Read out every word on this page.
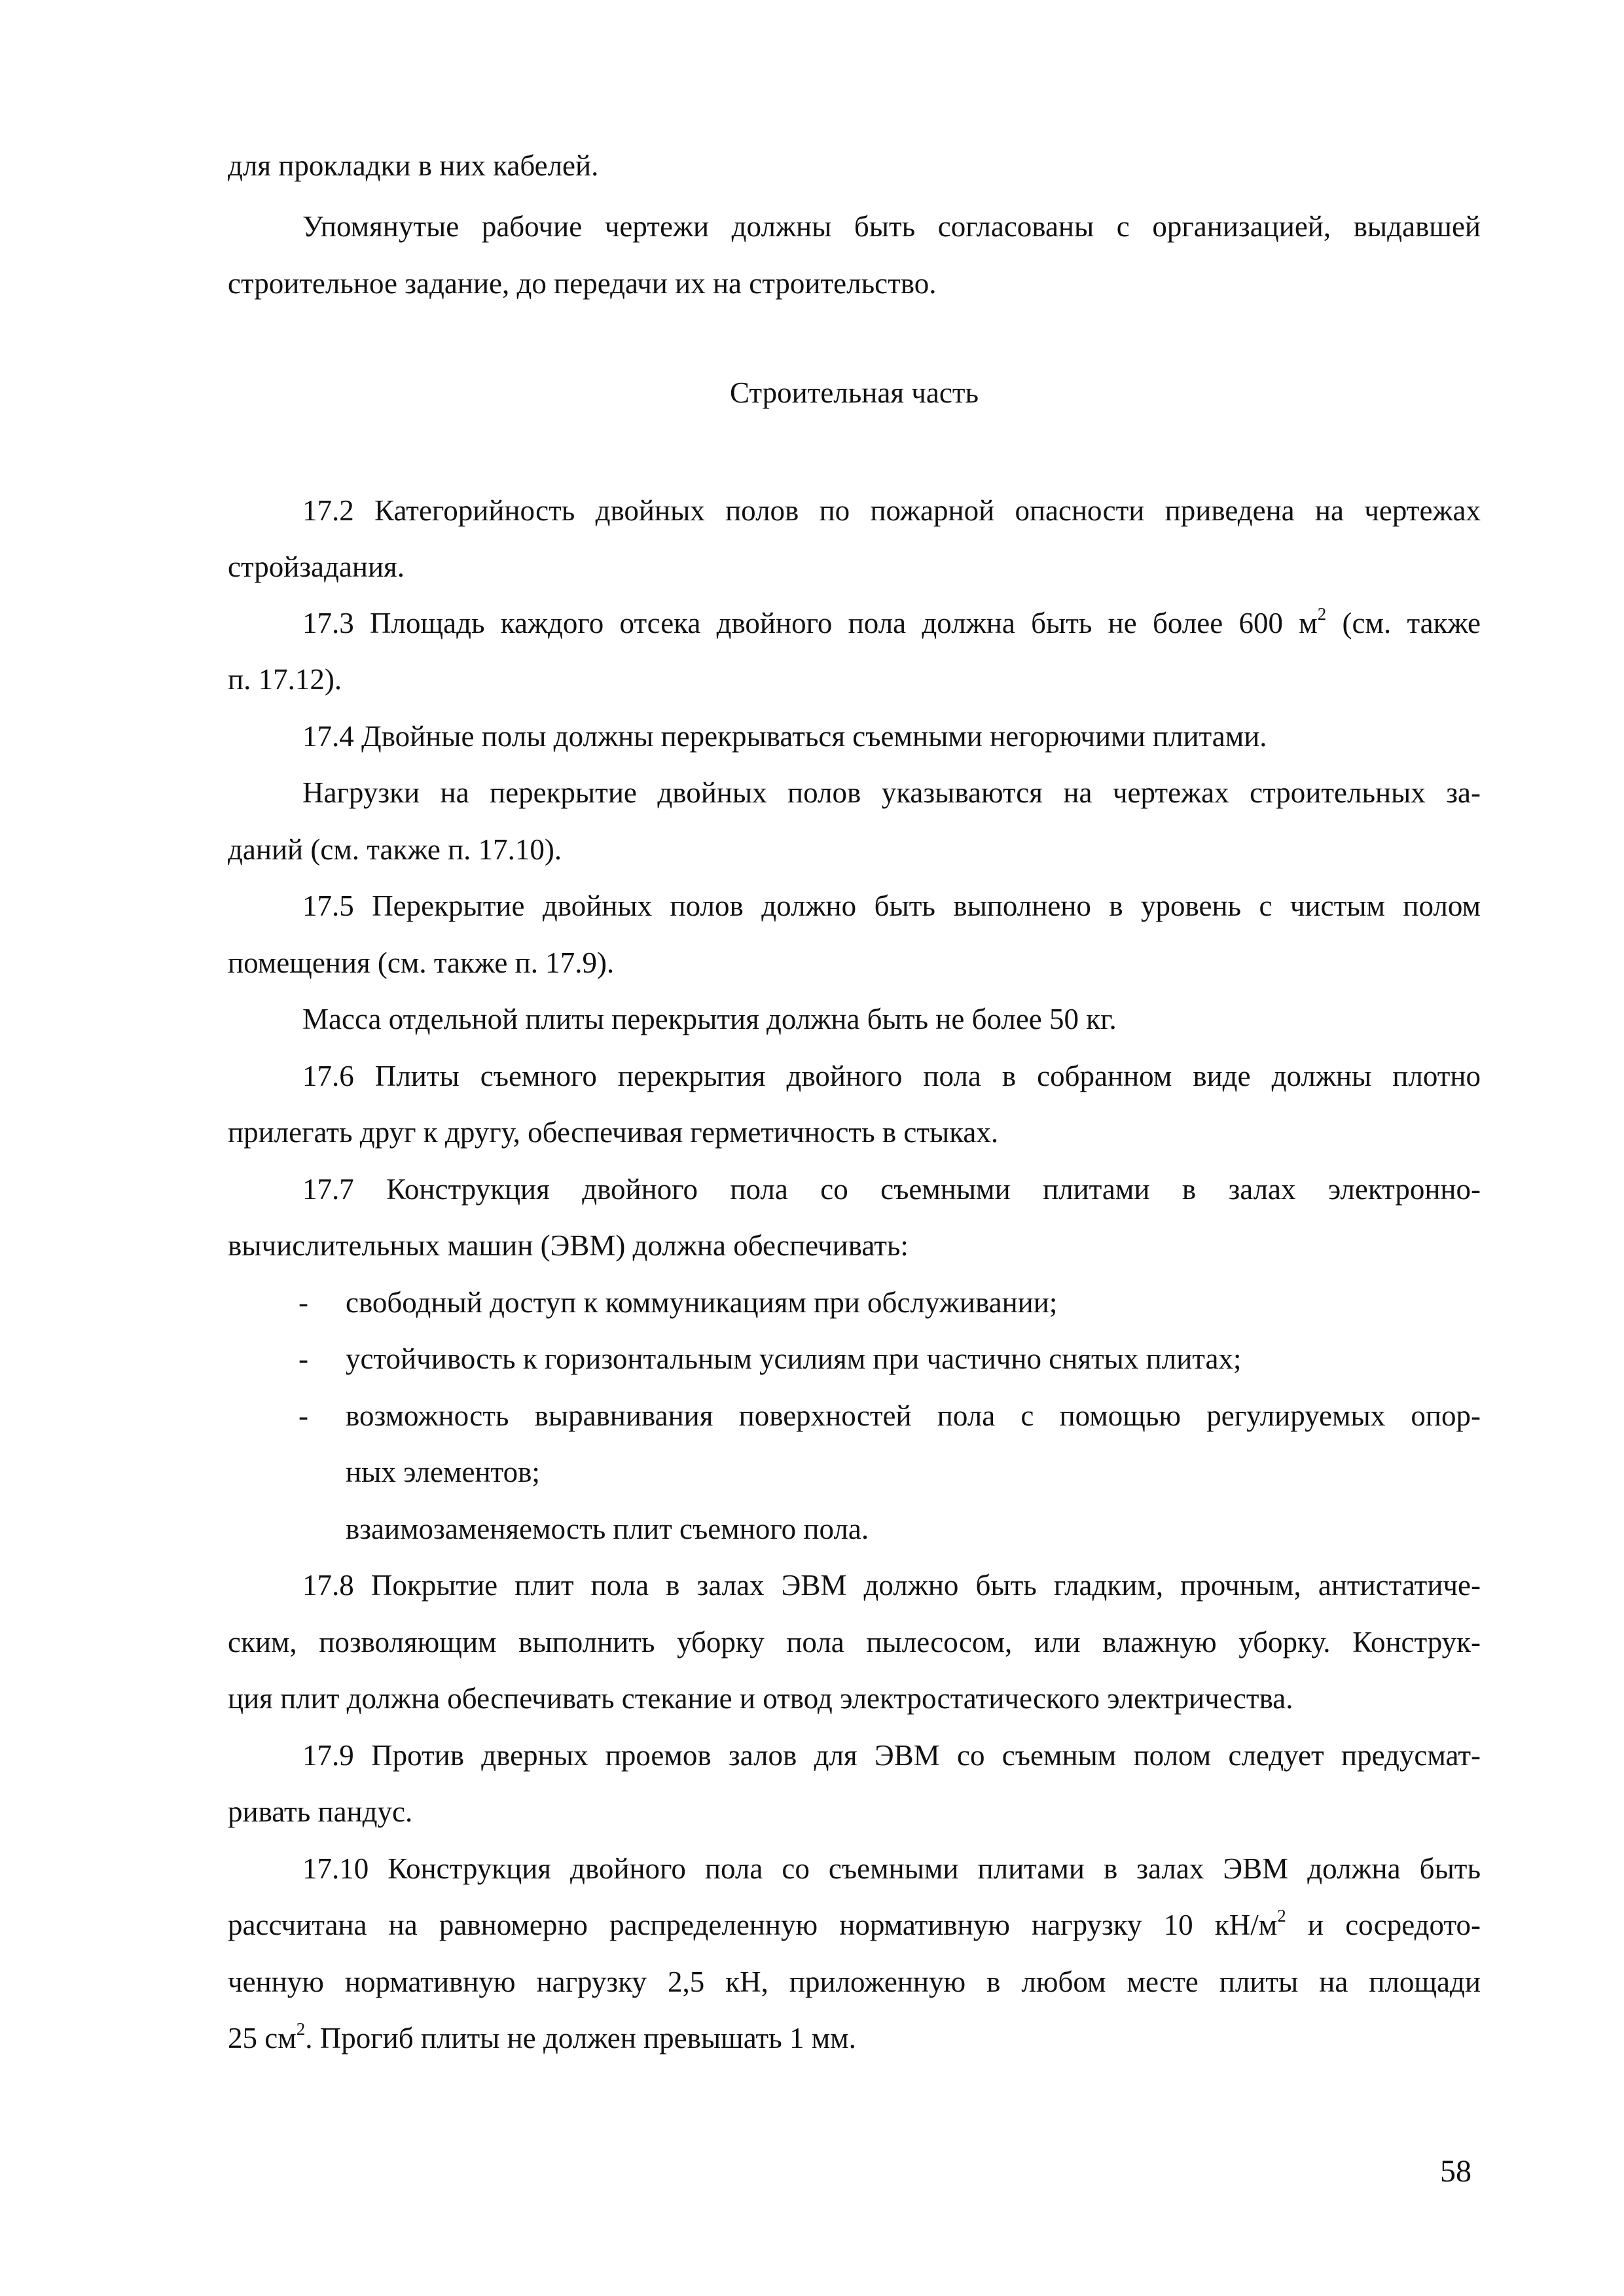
для прокладки в них кабелей.
Упомянутые рабочие чертежи должны быть согласованы с организацией, выдавшей
строительное задание, до передачи их на строительство.
Строительная часть
17.2 Категорийность двойных полов по пожарной опасности приведена на чертежах
стройзадания.
17.3 Площадь каждого отсека двойного пола должна быть не более 600 $м^2$ (см. также
п. 17.12).
17.4 Двойные полы должны перекрываться съемными негорючими плитами.
Нагрузки на перекрытие двойных полов указываются на чертежах строительных за-
даний (см. также п. 17.10).
17.5 Перекрытие двойных полов должно быть выполнено в уровень с чистым полом
помещения (см. также п. 17.9).
Масса отдельной плиты перекрытия должна быть не более 50 кг.
17.6 Плиты съемного перекрытия двойного пола в собранном виде должны плотно
прилегать друг к другу, обеспечивая герметичность в стыках.
17.7 Конструкция двойного пола со съемными плитами в залах электронно-
вычислительных машин (ЭВМ) должна обеспечивать:
- свободный доступ к коммуникациям при обслуживании;
- устойчивость к горизонтальным усилиям при частично снятых плитах;
- возможность выравнивания поверхностей пола с помощью регулируемых опор-
ных элементов;
взаимозаменяемость плит съемного пола.
17.8 Покрытие плит пола в залах ЭВМ должно быть гладким, прочным, антистатиче-
ским, позволяющим выполнить уборку пола пылесосом, или влажную уборку. Конструк-
ция плит должна обеспечивать стекание и отвод электростатического электричества.
17.9 Против дверных проемов залов для ЭВМ со съемным полом следует предусмат-
ривать пандус.
17.10 Конструкция двойного пола со съемными плитами в залах ЭВМ должна быть
рассчитана на равномерно распределенную нормативную нагрузку 10 $кН/м^2$ и сосредото-
ченную нормативную нагрузку 2,5 кН, приложенную в любом месте плиты на площади
25 $см^2$. Прогиб плиты не должен превышать 1 мм.
58
